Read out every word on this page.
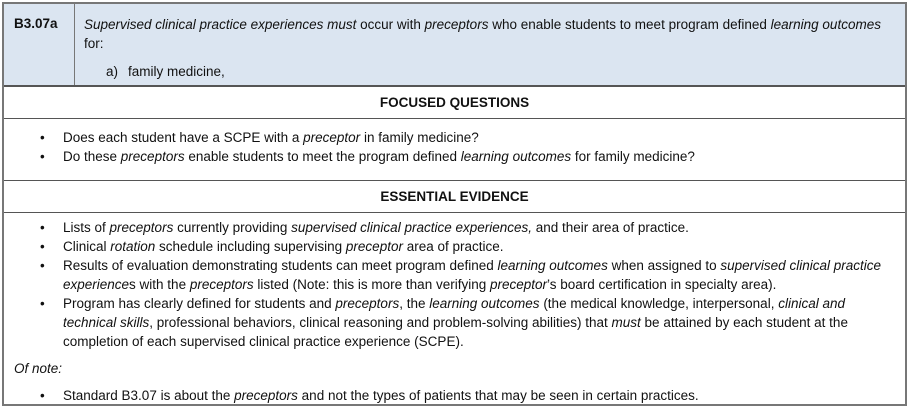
B3.07a	Supervised clinical practice experiences must occur with preceptors who enable students to meet program defined learning outcomes for:
a) family medicine,
FOCUSED QUESTIONS
• Does each student have a SCPE with a preceptor in family medicine?
• Do these preceptors enable students to meet the program defined learning outcomes for family medicine?
ESSENTIAL EVIDENCE
• Lists of preceptors currently providing supervised clinical practice experiences, and their area of practice.
• Clinical rotation schedule including supervising preceptor area of practice.
• Results of evaluation demonstrating students can meet program defined learning outcomes when assigned to supervised clinical practice experiences with the preceptors listed (Note: this is more than verifying preceptor’s board certification in specialty area).
• Program has clearly defined for students and preceptors, the learning outcomes (the medical knowledge, interpersonal, clinical and technical skills, professional behaviors, clinical reasoning and problem-solving abilities) that must be attained by each student at the completion of each supervised clinical practice experience (SCPE).
Of note:
• Standard B3.07 is about the preceptors and not the types of patients that may be seen in certain practices.
